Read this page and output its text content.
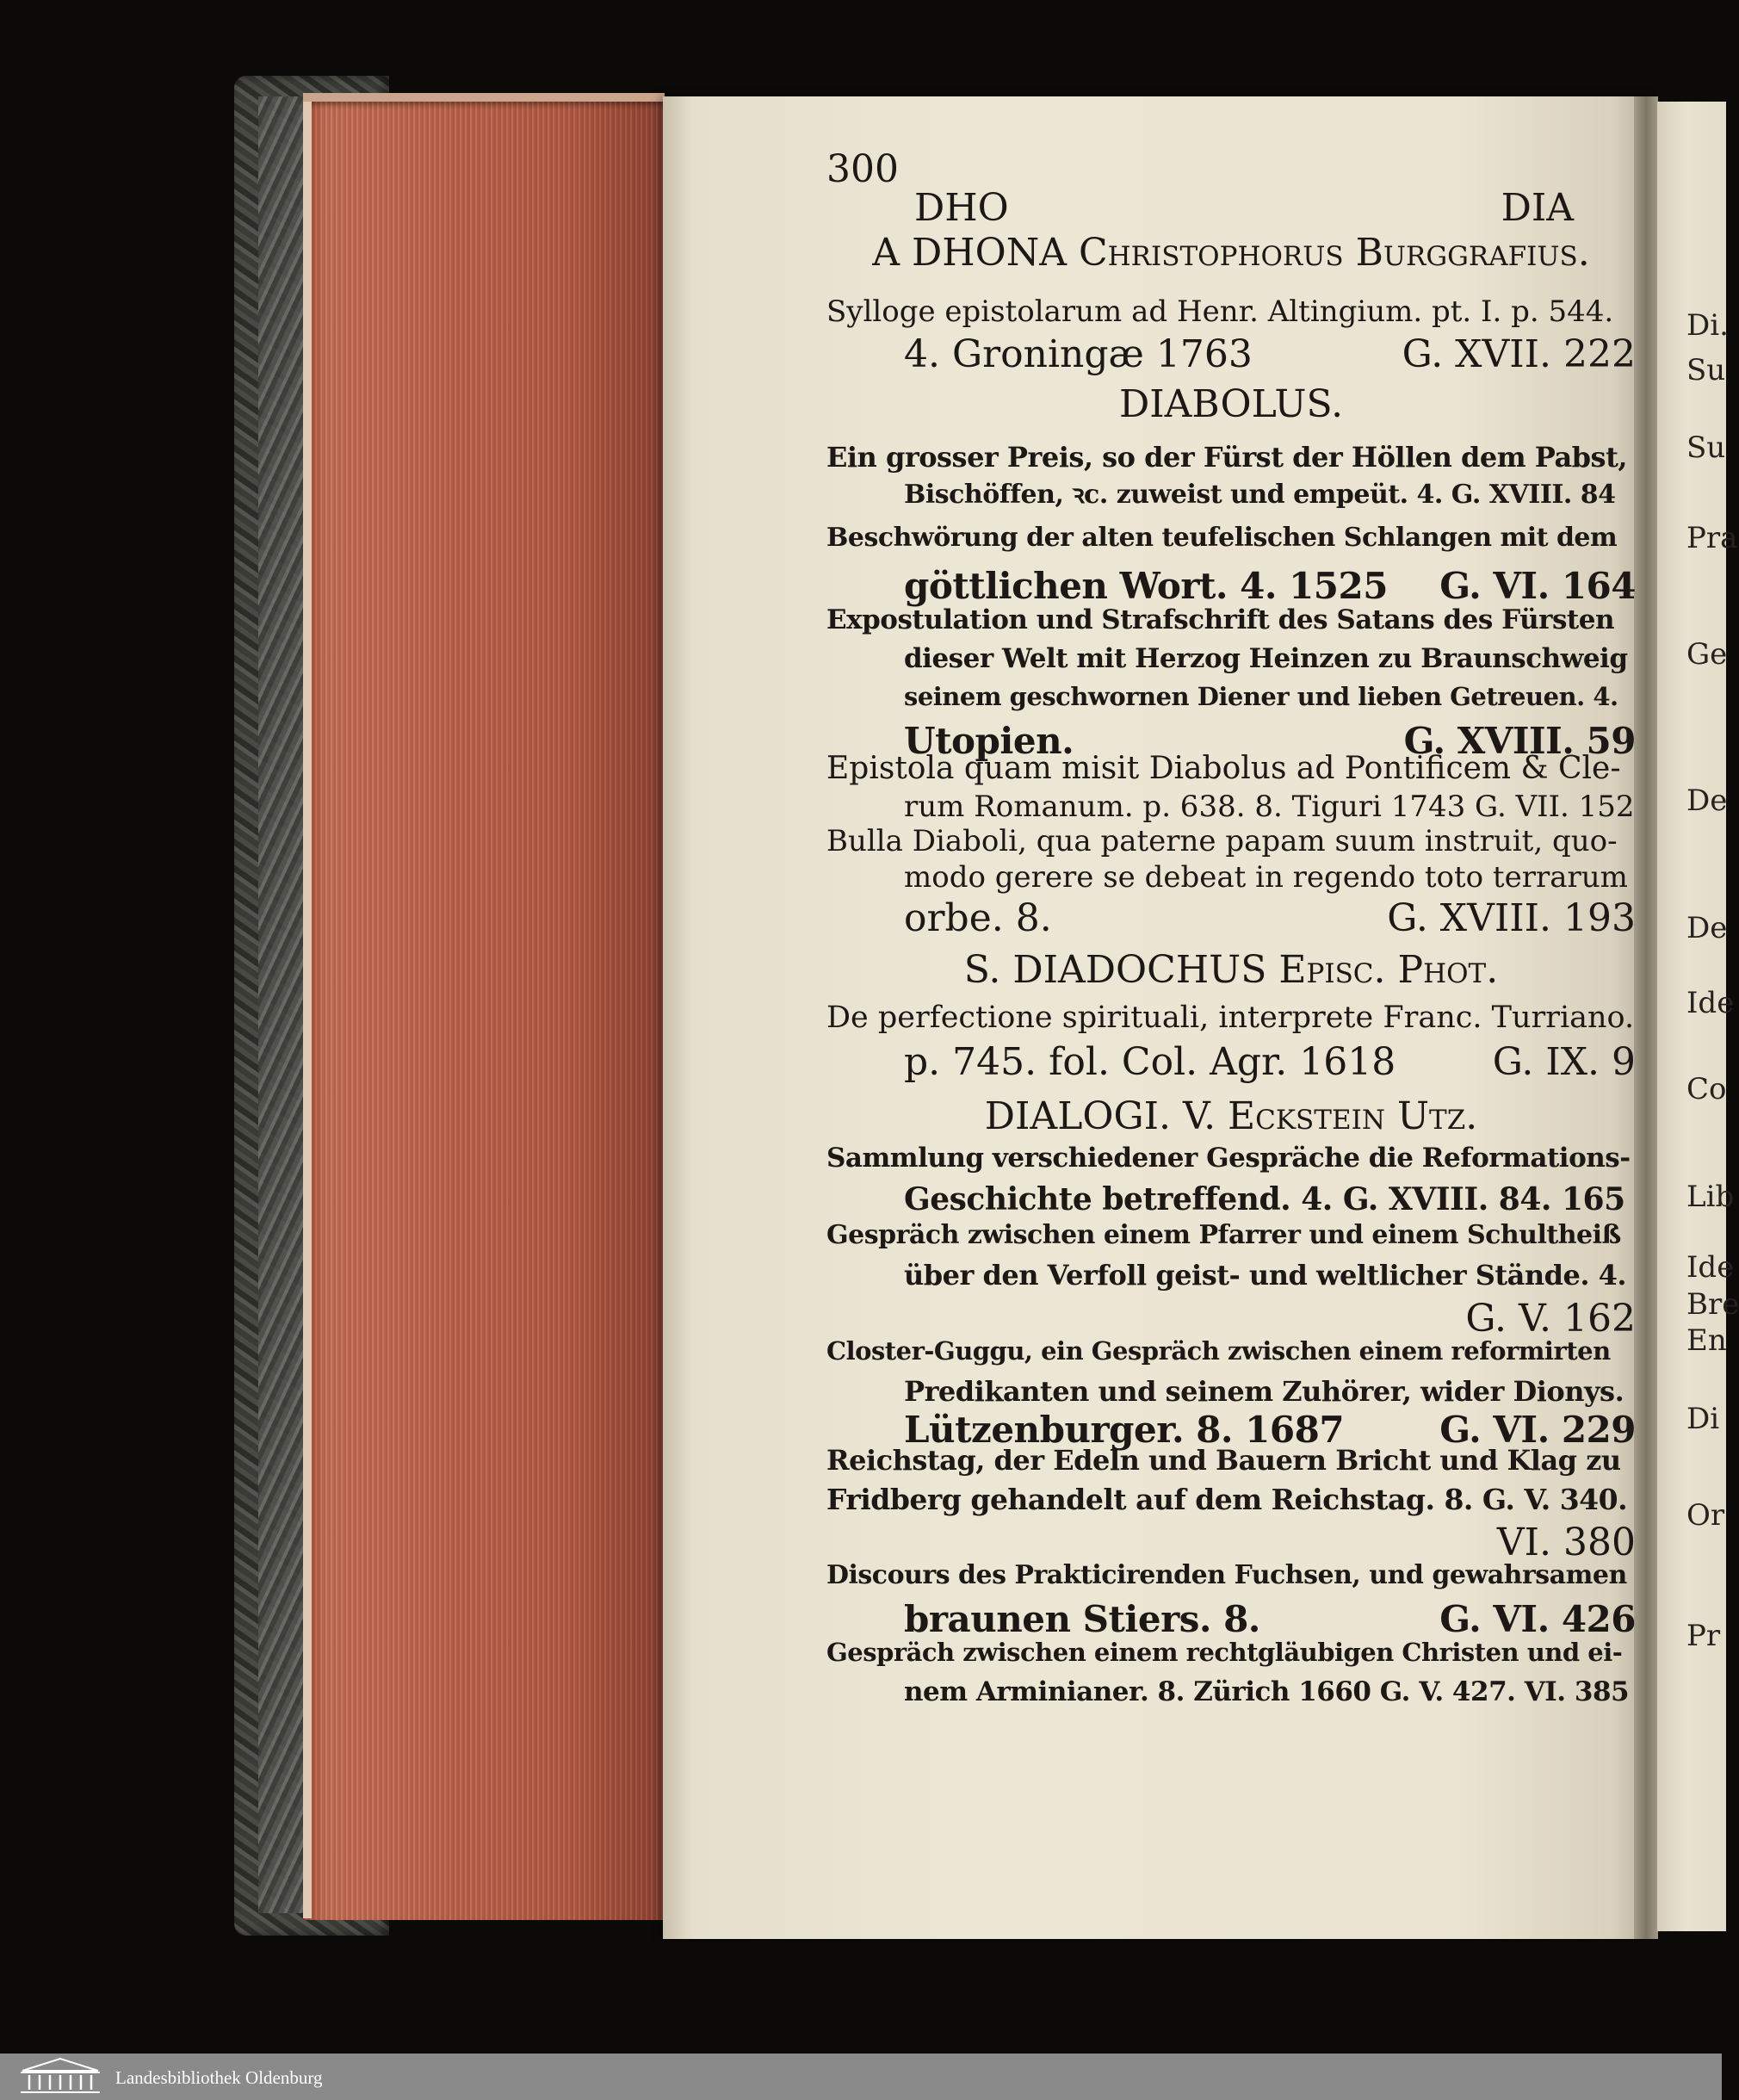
Di.
Su
Su
Pra
Ge
De
De
Ide
Co
Lib
Ide
Bre
En
Di
Or
Pr
300
DHO	DIA
A DHONA Christophorus Burggrafius.
Sylloge epistolarum ad Henr. Altingium. pt. I. p. 544.
4. Groningæ 1763	G. XVII. 222
DIABOLUS.
Ein grosser Preis, so der Fürst der Höllen dem Pabst,
Bischöffen, ꝛc. zuweist und empeüt. 4. G. XVIII. 84
Beschwörung der alten teufelischen Schlangen mit dem
göttlichen Wort. 4. 1525 G. VI. 164
Expostulation und Strafschrift des Satans des Fürsten
dieser Welt mit Herzog Heinzen zu Braunschweig
seinem geschwornen Diener und lieben Getreuen. 4.
Utopien.	G. XVIII. 59
Epistola quam misit Diabolus ad Pontificem & Cle-
rum Romanum. p. 638. 8. Tiguri 1743 G. VII. 152
Bulla Diaboli, qua paterne papam suum instruit, quo-
modo gerere se debeat in regendo toto terrarum
orbe. 8.	G. XVIII. 193
S. DIADOCHUS Episc. Phot.
De perfectione spirituali, interprete Franc. Turriano.
p. 745. fol. Col. Agr. 1618	G. IX. 9
DIALOGI. V. Eckstein Utz.
Sammlung verschiedener Gespräche die Reformations-
Geschichte betreffend. 4. G. XVIII. 84. 165
Gespräch zwischen einem Pfarrer und einem Schultheiß
über den Verfoll geist- und weltlicher Stände. 4.
G. V. 162
Closter-Guggu, ein Gespräch zwischen einem reformirten
Predikanten und seinem Zuhörer, wider Dionys.
Lützenburger. 8. 1687	G. VI. 229
Reichstag, der Edeln und Bauern Bricht und Klag zu
Fridberg gehandelt auf dem Reichstag. 8. G. V. 340.
VI. 380
Discours des Prakticirenden Fuchsen, und gewahrsamen
braunen Stiers. 8.	G. VI. 426
Gespräch zwischen einem rechtgläubigen Christen und ei-
nem Arminianer. 8. Zürich 1660 G. V. 427. VI. 385
Landesbibliothek Oldenburg
